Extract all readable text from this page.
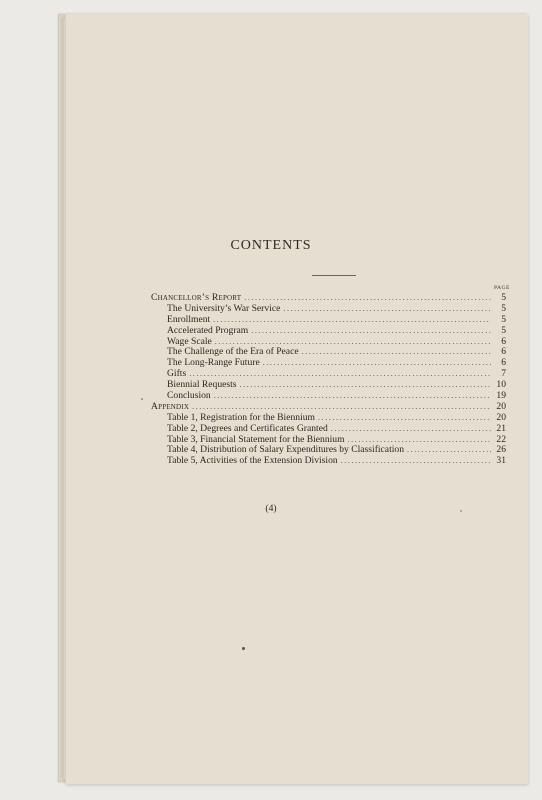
CONTENTS
PAGE
Chancellor’s Report .....	5
The University’s War Service .....	5
Enrollment .....	5
Accelerated Program .....	5
Wage Scale .....	6
The Challenge of the Era of Peace .....	6
The Long-Range Future .....	6
Gifts .....	7
Biennial Requests .....	10
Conclusion .....	19
Appendix .....	20
Table 1, Registration for the Biennium .....	20
Table 2, Degrees and Certificates Granted .....	21
Table 3, Financial Statement for the Biennium .....	22
Table 4, Distribution of Salary Expenditures by Classification .....	26
Table 5, Activities of the Extension Division .....	31
(4)
